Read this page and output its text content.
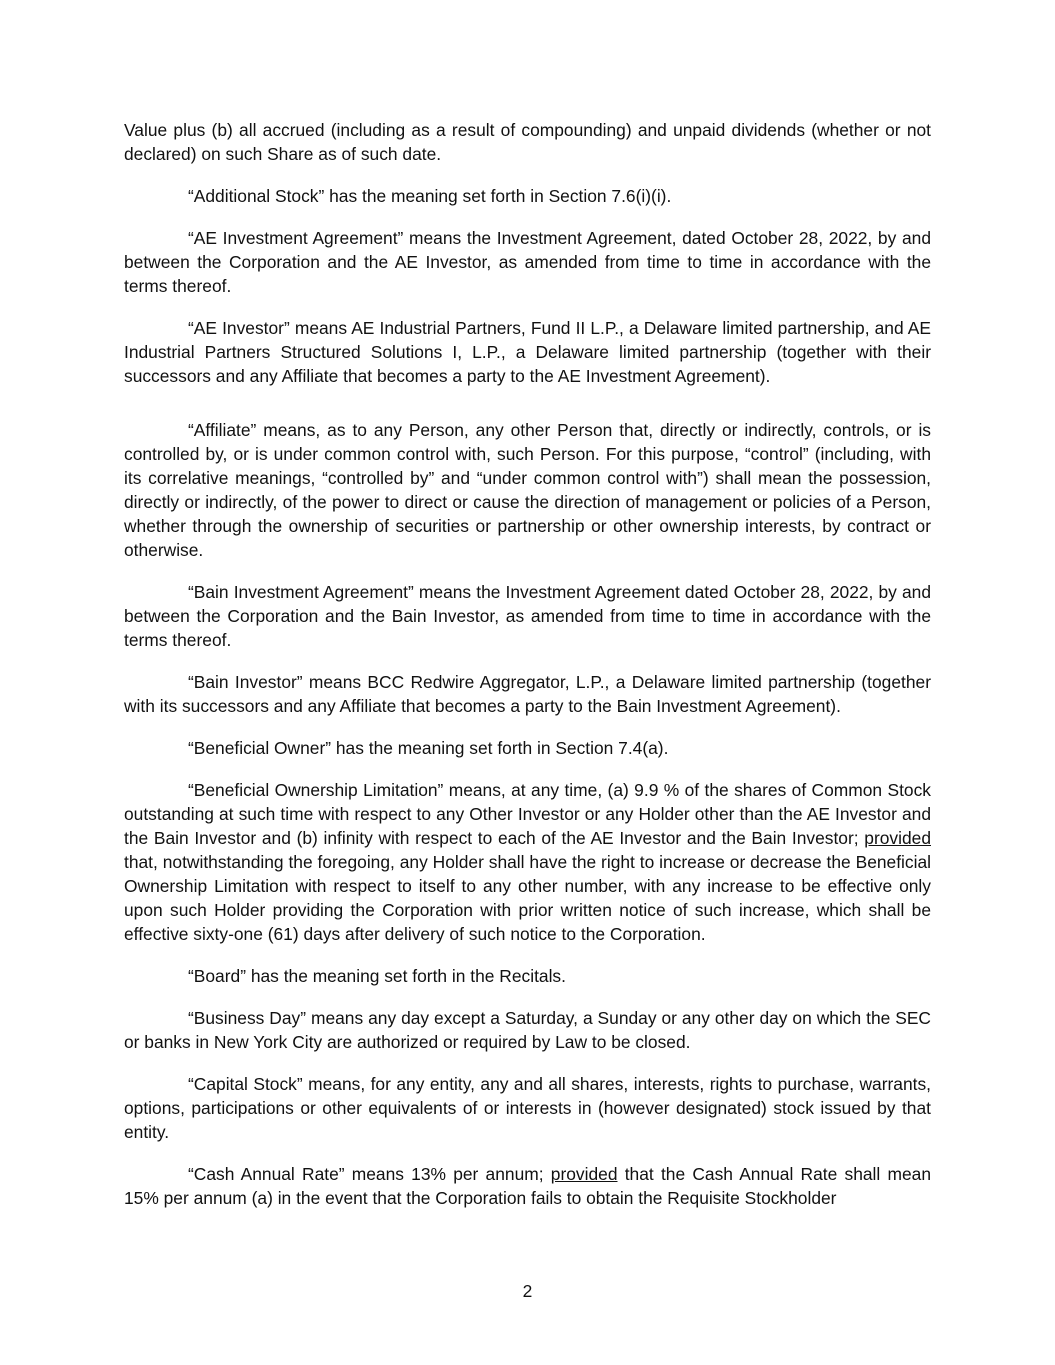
Value plus (b) all accrued (including as a result of compounding) and unpaid dividends (whether or not declared) on such Share as of such date.

“Additional Stock” has the meaning set forth in Section 7.6(i)(i).

“AE Investment Agreement” means the Investment Agreement, dated October 28, 2022, by and between the Corporation and the AE Investor, as amended from time to time in accordance with the terms thereof.

“AE Investor” means AE Industrial Partners, Fund II L.P., a Delaware limited partnership, and AE Industrial Partners Structured Solutions I, L.P., a Delaware limited partnership (together with their successors and any Affiliate that becomes a party to the AE Investment Agreement).

“Affiliate” means, as to any Person, any other Person that, directly or indirectly, controls, or is controlled by, or is under common control with, such Person. For this purpose, “control” (including, with its correlative meanings, “controlled by” and “under common control with”) shall mean the possession, directly or indirectly, of the power to direct or cause the direction of management or policies of a Person, whether through the ownership of securities or partnership or other ownership interests, by contract or otherwise.

“Bain Investment Agreement” means the Investment Agreement dated October 28, 2022, by and between the Corporation and the Bain Investor, as amended from time to time in accordance with the terms thereof.

“Bain Investor” means BCC Redwire Aggregator, L.P., a Delaware limited partnership (together with its successors and any Affiliate that becomes a party to the Bain Investment Agreement).

“Beneficial Owner” has the meaning set forth in Section 7.4(a).

“Beneficial Ownership Limitation” means, at any time, (a) 9.9 % of the shares of Common Stock outstanding at such time with respect to any Other Investor or any Holder other than the AE Investor and the Bain Investor and (b) infinity with respect to each of the AE Investor and the Bain Investor; provided that, notwithstanding the foregoing, any Holder shall have the right to increase or decrease the Beneficial Ownership Limitation with respect to itself to any other number, with any increase to be effective only upon such Holder providing the Corporation with prior written notice of such increase, which shall be effective sixty-one (61) days after delivery of such notice to the Corporation.

“Board” has the meaning set forth in the Recitals.

“Business Day” means any day except a Saturday, a Sunday or any other day on which the SEC or banks in New York City are authorized or required by Law to be closed.

“Capital Stock” means, for any entity, any and all shares, interests, rights to purchase, warrants, options, participations or other equivalents of or interests in (however designated) stock issued by that entity.

“Cash Annual Rate” means 13% per annum; provided that the Cash Annual Rate shall mean 15% per annum (a) in the event that the Corporation fails to obtain the Requisite Stockholder

2
